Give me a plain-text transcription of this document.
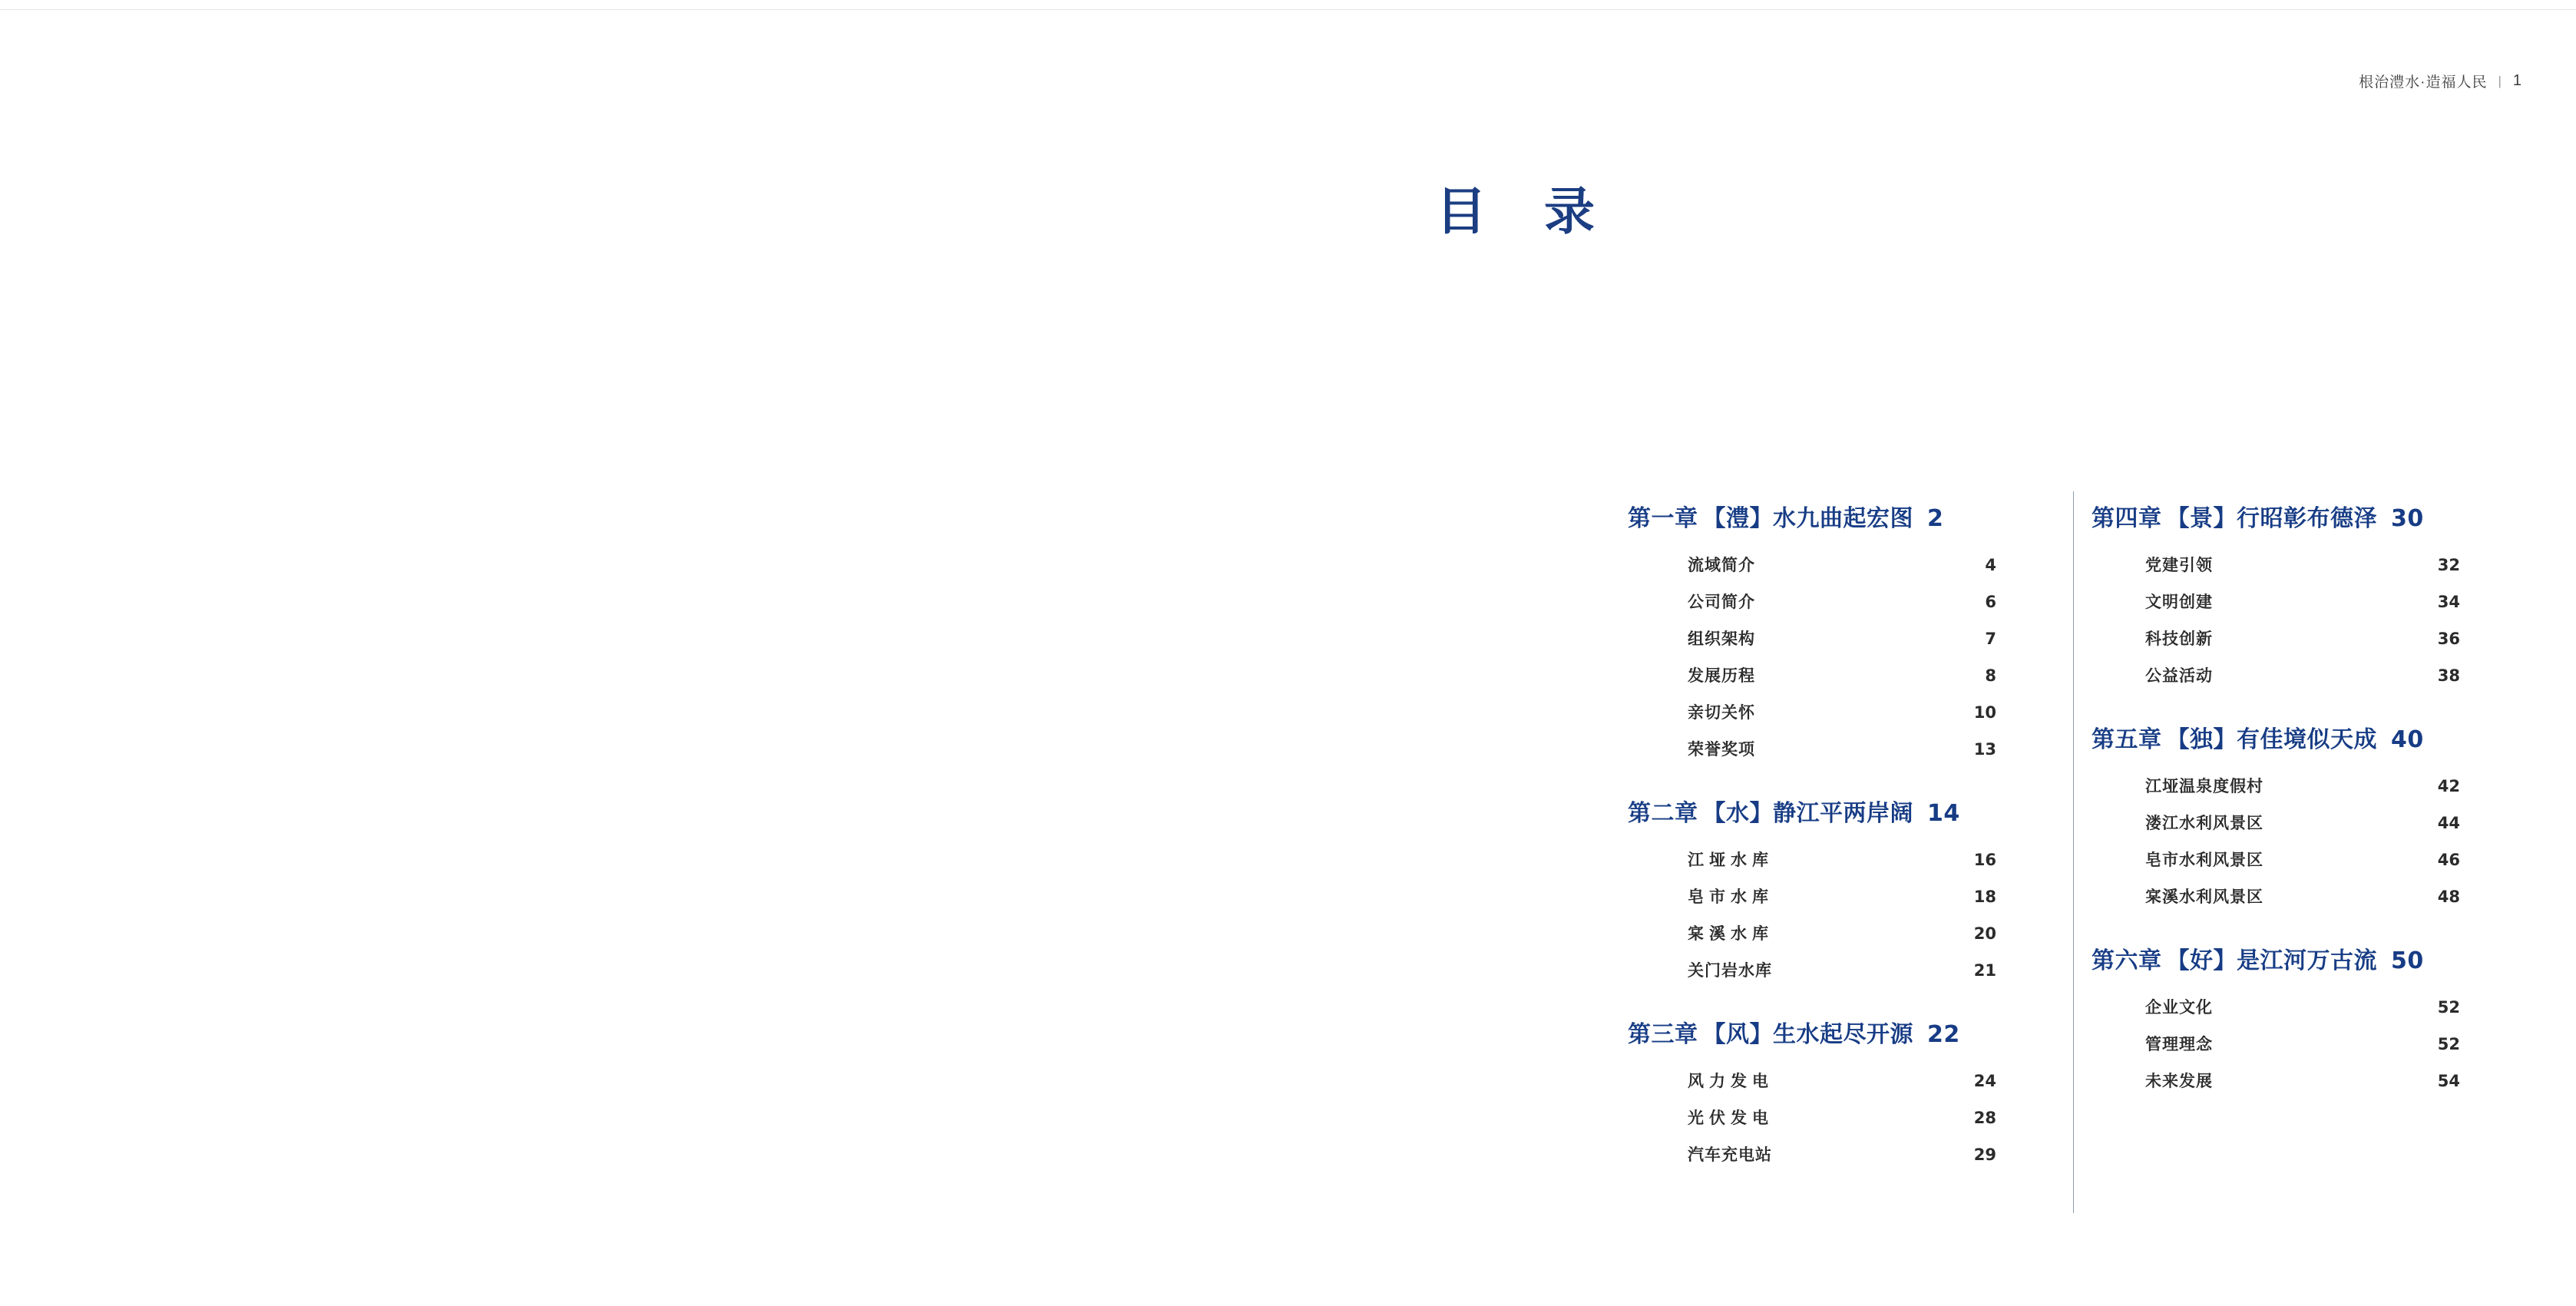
根治澧水·造福人民 | 1
目 录
第一章 【澧】水九曲起宏图 2
流域简介	4
公司简介	6
组织架构	7
发展历程	8
亲切关怀	10
荣誉奖项	13
第二章 【水】静江平两岸阔 14
江垭水库	16
皂市水库	18
宲溪水库	20
关门岩水库	21
第三章 【风】生水起尽开源 22
风力发电	24
光伏发电	28
汽车充电站	29
第四章 【景】行昭彰布德泽 30
党建引领	32
文明创建	34
科技创新	36
公益活动	38
第五章 【独】有佳境似天成 40
江垭温泉度假村	42
溇江水利风景区	44
皂市水利风景区	46
宲溪水利风景区	48
第六章 【好】是江河万古流 50
企业文化	52
管理理念	52
未来发展	54
